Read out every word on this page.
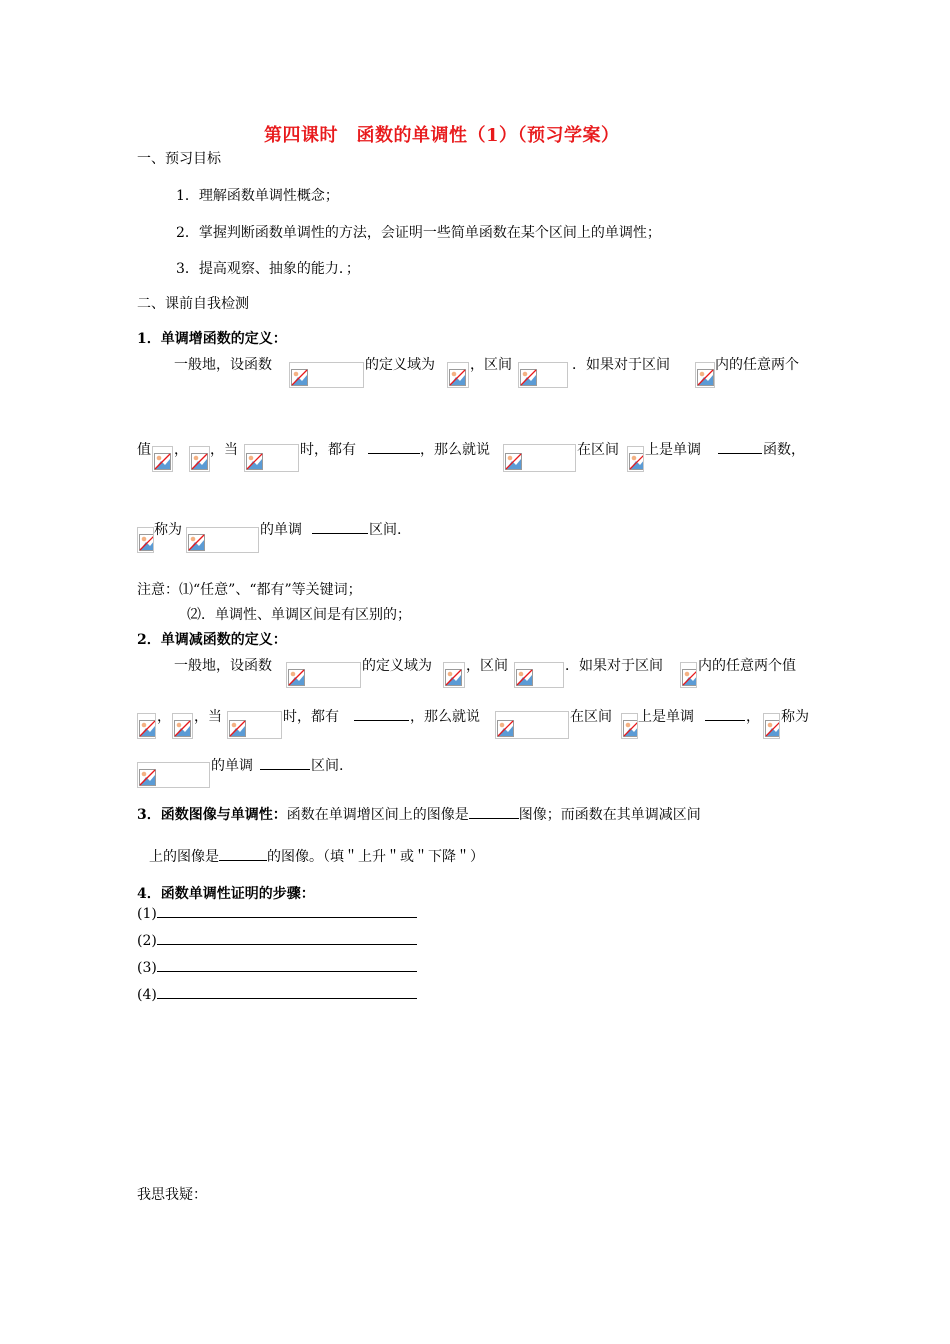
第四课时　函数的单调性（1）（预习学案）
一、预习目标
1．理解函数单调性概念；
2．掌握判断函数单调性的方法，会证明一些简单函数在某个区间上的单调性；
3．提高观察、抽象的能力．；
二、课前自我检测
1．单调增函数的定义：
一般地，设函数	的定义域为	，区间	．如果对于区间	内的任意两个
值 ， ，当	时，都有	，那么就说	在区间 上是单调	函数，
称为	的单调	区间.
注意：⑴“任意”、“都有”等关键词；
⑵．单调性、单调区间是有区别的；
2．单调减函数的定义：
一般地，设函数	的定义域为 ，区间	．如果对于区间	内的任意两个值
， ，当	时，都有	，那么就说	在区间 上是单调	， 称为
的单调	区间.
3．函数图像与单调性：函数在单调增区间上的图像是	图像；而函数在其单调减区间
上的图像是	的图像。（填＂上升＂或＂下降＂）
4．函数单调性证明的步骤：
(1)
(2)
(3)
(4)
我思我疑：
